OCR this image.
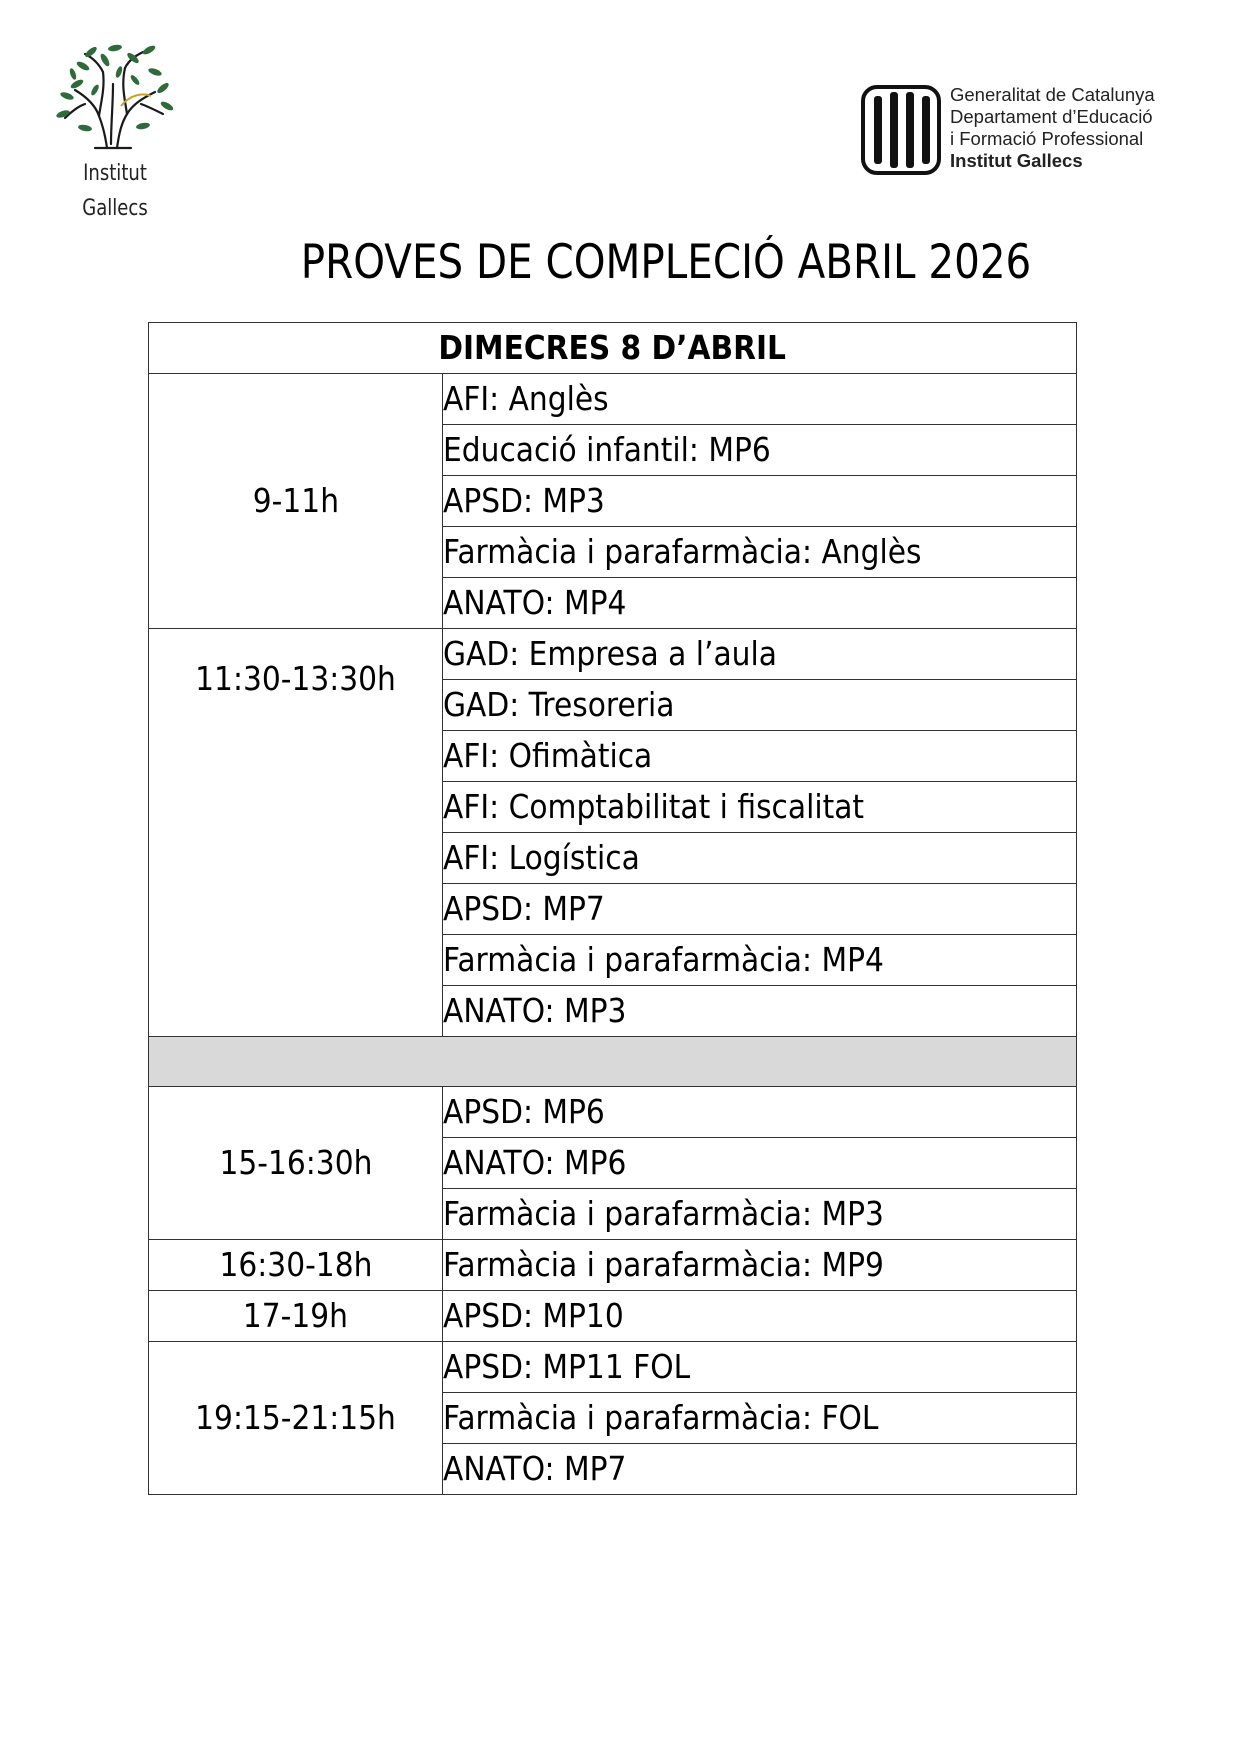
Institut
Gallecs
Generalitat de Catalunya
Departament d’Educació
i Formació Professional
Institut Gallecs
PROVES DE COMPLECIÓ ABRIL 2026
DIMECRES 8 D’ABRIL	
9-11h	AFI: Anglès
	Educació infantil: MP6
	APSD: MP3
	Farmàcia i parafarmàcia: Anglès
	ANATO: MP4
11:30-13:30h	GAD: Empresa a l’aula
	GAD: Tresoreria
	AFI: Ofimàtica
	AFI: Comptabilitat i fiscalitat
	AFI: Logística
	APSD: MP7
	Farmàcia i parafarmàcia: MP4
	ANATO: MP3

15-16:30h	APSD: MP6
	ANATO: MP6
	Farmàcia i parafarmàcia: MP3
16:30-18h	Farmàcia i parafarmàcia: MP9
17-19h	APSD: MP10
19:15-21:15h	APSD: MP11 FOL
	Farmàcia i parafarmàcia: FOL
	ANATO: MP7
